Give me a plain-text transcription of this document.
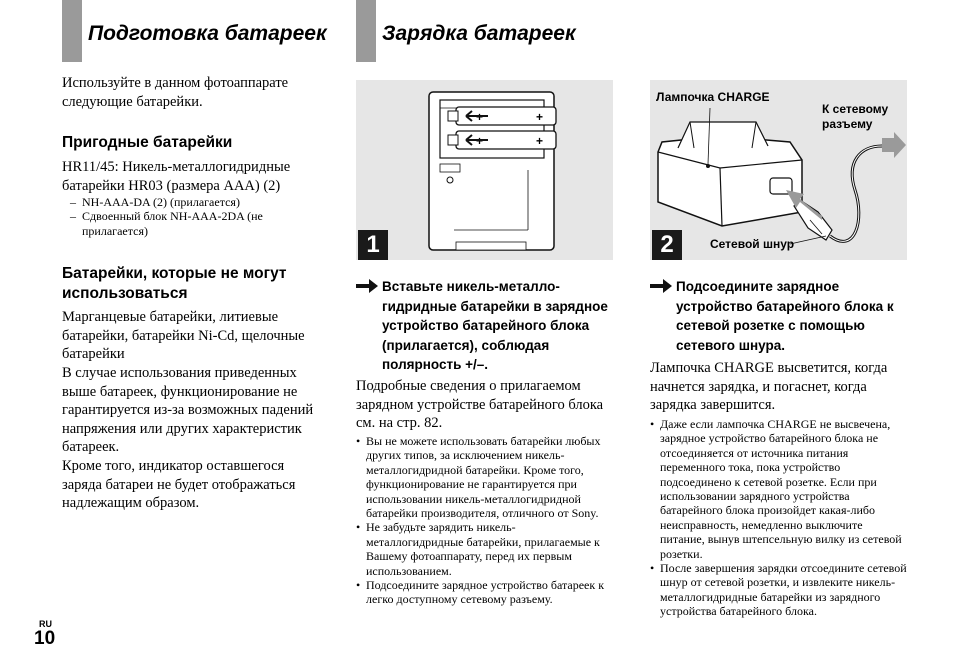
Подготовка батареек
Используйте в данном фотоаппарате следующие батарейки.
Пригодные батарейки
HR11/45: Никель-металлогидридные батарейки HR03 (размера AAA) (2)
– NH-AAA-DA (2) (прилагается)
– Сдвоенный блок NH-AAA-2DA (не прилагается)
Батарейки, которые не могут использоваться
Марганцевые батарейки, литиевые батарейки, батарейки Ni-Cd, щелочные батарейки
В случае использования приведенных выше батареек, функционирование не гарантируется из-за возможных падений напряжения или других характеристик батареек.
Кроме того, индикатор оставшегося заряда батареи не будет отображаться надлежащим образом.
RU
10
Зарядка батареек
+	+
+	+
1
Лампочка CHARGE
К сетевому разъему
Сетевой шнур
2
Вставьте никель-металло-гидридные батарейки в зарядное устройство батарейного блока (прилагается), соблюдая полярность +/–.
Подробные сведения о прилагаемом зарядном устройстве батарейного блока см. на стр. 82.
• Вы не можете использовать батарейки любых других типов, за исключением никель-металлогидридной батарейки. Кроме того, функционирование не гарантируется при использовании никель-металлогидридной батарейки производителя, отличного от Sony.
• Не забудьте зарядить никель-металлогидридные батарейки, прилагаемые к Вашему фотоаппарату, перед их первым использованием.
• Подсоедините зарядное устройство батареек к легко доступному сетевому разъему.
Подсоедините зарядное устройство батарейного блока к сетевой розетке с помощью сетевого шнура.
Лампочка CHARGE высветится, когда начнется зарядка, и погаснет, когда зарядка завершится.
• Даже если лампочка CHARGE не высвечена, зарядное устройство батарейного блока не отсоединяется от источника питания переменного тока, пока устройство подсоединено к сетевой розетке. Если при использовании зарядного устройства батарейного блока произойдет какая-либо неисправность, немедленно выключите питание, вынув штепсельную вилку из сетевой розетки.
• После завершения зарядки отсоедините сетевой шнур от сетевой розетки, и извлеките никель-металлогидридные батарейки из зарядного устройства батарейного блока.
